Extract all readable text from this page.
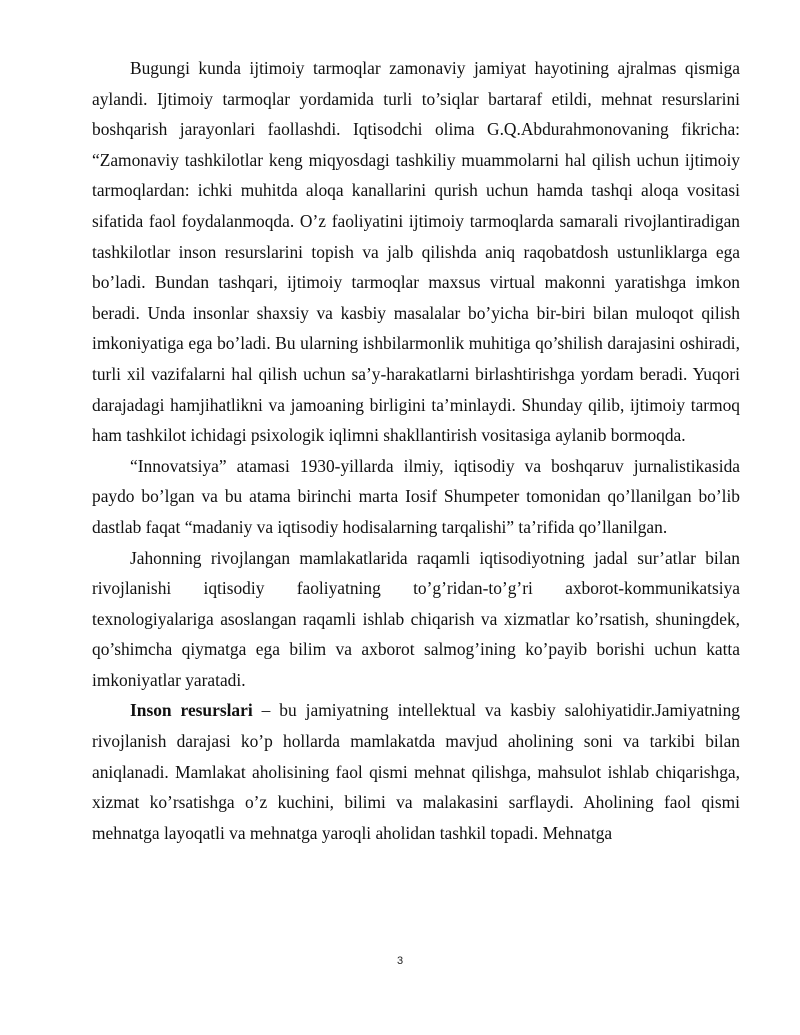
Bugungi kunda ijtimoiy tarmoqlar zamonaviy jamiyat hayotining ajralmas qismiga aylandi. Ijtimoiy tarmoqlar yordamida turli to’siqlar bartaraf etildi, mehnat resurslarini boshqarish jarayonlari faollashdi. Iqtisodchi olima G.Q.Abdurahmonovaning fikricha: “Zamonaviy tashkilotlar keng miqyosdagi tashkiliy muammolarni hal qilish uchun ijtimoiy tarmoqlardan: ichki muhitda aloqa kanallarini qurish uchun hamda tashqi aloqa vositasi sifatida faol foydalanmoqda. O’z faoliyatini ijtimoiy tarmoqlarda samarali rivojlantiradigan tashkilotlar inson resurslarini topish va jalb qilishda aniq raqobatdosh ustunliklarga ega bo’ladi. Bundan tashqari, ijtimoiy tarmoqlar maxsus virtual makonni yaratishga imkon beradi. Unda insonlar shaxsiy va kasbiy masalalar bo’yicha bir-biri bilan muloqot qilish imkoniyatiga ega bo’ladi. Bu ularning ishbilarmonlik muhitiga qo’shilish darajasini oshiradi, turli xil vazifalarni hal qilish uchun sa’y-harakatlarni birlashtirishga yordam beradi. Yuqori darajadagi hamjihatlikni va jamoaning birligini ta’minlaydi. Shunday qilib, ijtimoiy tarmoq ham tashkilot ichidagi psixologik iqlimni shakllantirish vositasiga aylanib bormoqda.

“Innovatsiya” atamasi 1930-yillarda ilmiy, iqtisodiy va boshqaruv jurnalistikasida paydo bo’lgan va bu atama birinchi marta Iosif Shumpeter tomonidan qo’llanilgan bo’lib dastlab faqat “madaniy va iqtisodiy hodisalarning tarqalishi” ta’rifida qo’llanilgan.

Jahonning rivojlangan mamlakatlarida raqamli iqtisodiyotning jadal sur’atlar bilan rivojlanishi iqtisodiy faoliyatning to’g’ridan-to’g’ri axborot-kommunikatsiya texnologiyalariga asoslangan raqamli ishlab chiqarish va xizmatlar ko’rsatish, shuningdek, qo’shimcha qiymatga ega bilim va axborot salmog’ining ko’payib borishi uchun katta imkoniyatlar yaratadi.

Inson resurslari – bu jamiyatning intellektual va kasbiy salohiyatidir.Jamiyatning rivojlanish darajasi ko’p hollarda mamlakatda mavjud aholining soni va tarkibi bilan aniqlanadi. Mamlakat aholisining faol qismi mehnat qilishga, mahsulot ishlab chiqarishga, xizmat ko’rsatishga o’z kuchini, bilimi va malakasini sarflaydi. Aholining faol qismi mehnatga layoqatli va mehnatga yaroqli aholidan tashkil topadi. Mehnatga

3
